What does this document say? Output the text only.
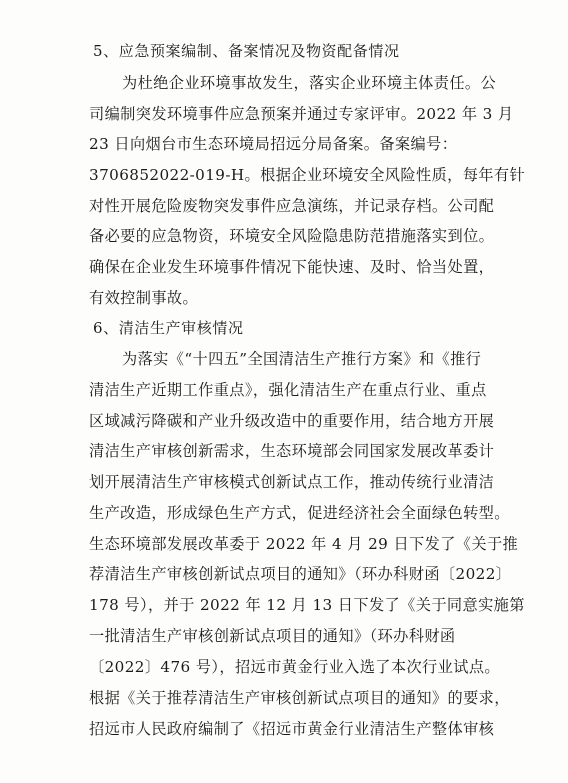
5、应急预案编制、备案情况及物资配备情况
为杜绝企业环境事故发生，落实企业环境主体责任。公
司编制突发环境事件应急预案并通过专家评审。2022 年 3 月
23 日向烟台市生态环境局招远分局备案。备案编号：
3706852022-019-H。根据企业环境安全风险性质，每年有针
对性开展危险废物突发事件应急演练，并记录存档。公司配
备必要的应急物资，环境安全风险隐患防范措施落实到位。
确保在企业发生环境事件情况下能快速、及时、恰当处置，
有效控制事故。
6、清洁生产审核情况
为落实《“十四五”全国清洁生产推行方案》和《推行
清洁生产近期工作重点》，强化清洁生产在重点行业、重点
区域减污降碳和产业升级改造中的重要作用，结合地方开展
清洁生产审核创新需求，生态环境部会同国家发展改革委计
划开展清洁生产审核模式创新试点工作，推动传统行业清洁
生产改造，形成绿色生产方式，促进经济社会全面绿色转型。
生态环境部发展改革委于 2022 年 4 月 29 日下发了《关于推
荐清洁生产审核创新试点项目的通知》（环办科财函〔2022〕
178 号），并于 2022 年 12 月 13 日下发了《关于同意实施第
一批清洁生产审核创新试点项目的通知》（环办科财函
〔2022〕476 号），招远市黄金行业入选了本次行业试点。
根据《关于推荐清洁生产审核创新试点项目的通知》的要求，
招远市人民政府编制了《招远市黄金行业清洁生产整体审核
